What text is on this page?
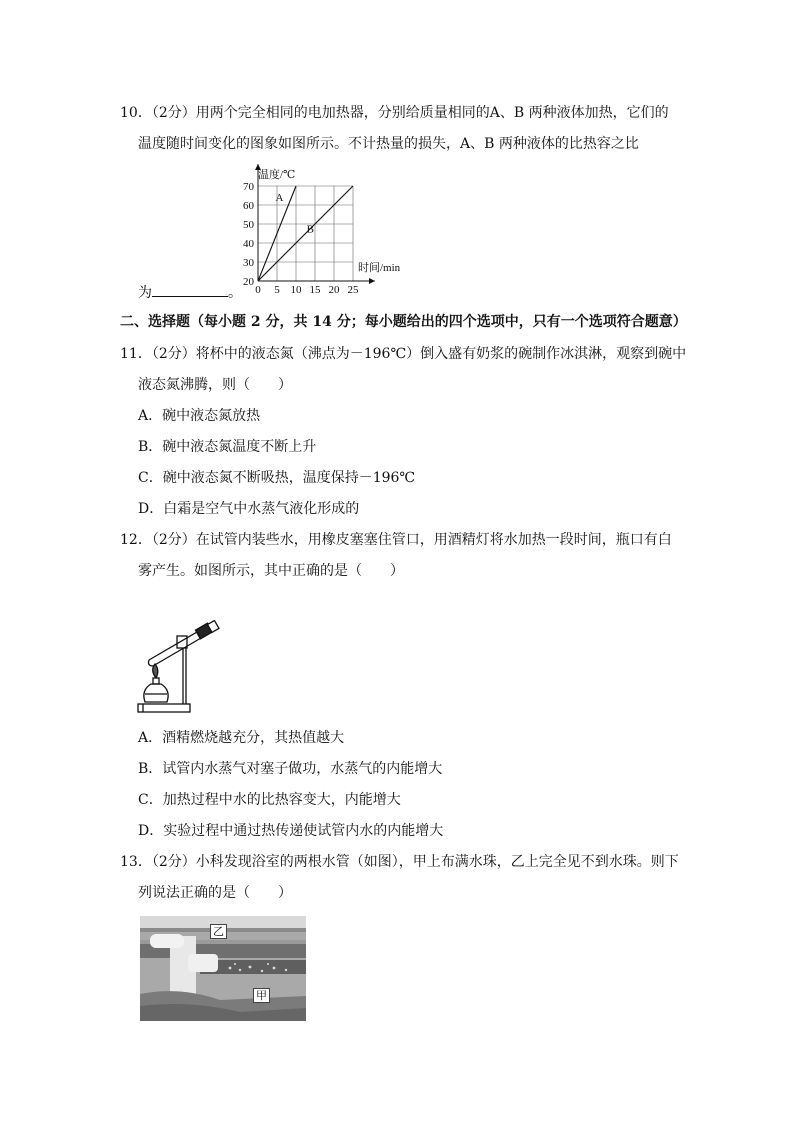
10．（2分）用两个完全相同的电加热器，分别给质量相同的A、B 两种液体加热，它们的
温度随时间变化的图象如图所示。不计热量的损失，A、B 两种液体的比热容之比
A
B
0 5 10 15 20 25
20
30
40
50
60
70
温度/℃
时间/min
为	。
二、选择题（每小题 2 分，共 14 分；每小题给出的四个选项中，只有一个选项符合题意）
11．（2分）将杯中的液态氮（沸点为－196℃）倒入盛有奶浆的碗制作冰淇淋，观察到碗中
液态氮沸腾，则（　　）
A．碗中液态氮放热
B．碗中液态氮温度不断上升
C．碗中液态氮不断吸热，温度保持－196℃
D．白霜是空气中水蒸气液化形成的
12．（2分）在试管内装些水，用橡皮塞塞住管口，用酒精灯将水加热一段时间，瓶口有白
雾产生。如图所示，其中正确的是（　　）
A．酒精燃烧越充分，其热值越大
B．试管内水蒸气对塞子做功，水蒸气的内能增大
C．加热过程中水的比热容变大，内能增大
D．实验过程中通过热传递使试管内水的内能增大
13．（2分）小科发现浴室的两根水管（如图），甲上布满水珠，乙上完全见不到水珠。则下
列说法正确的是（　　）
乙
甲
